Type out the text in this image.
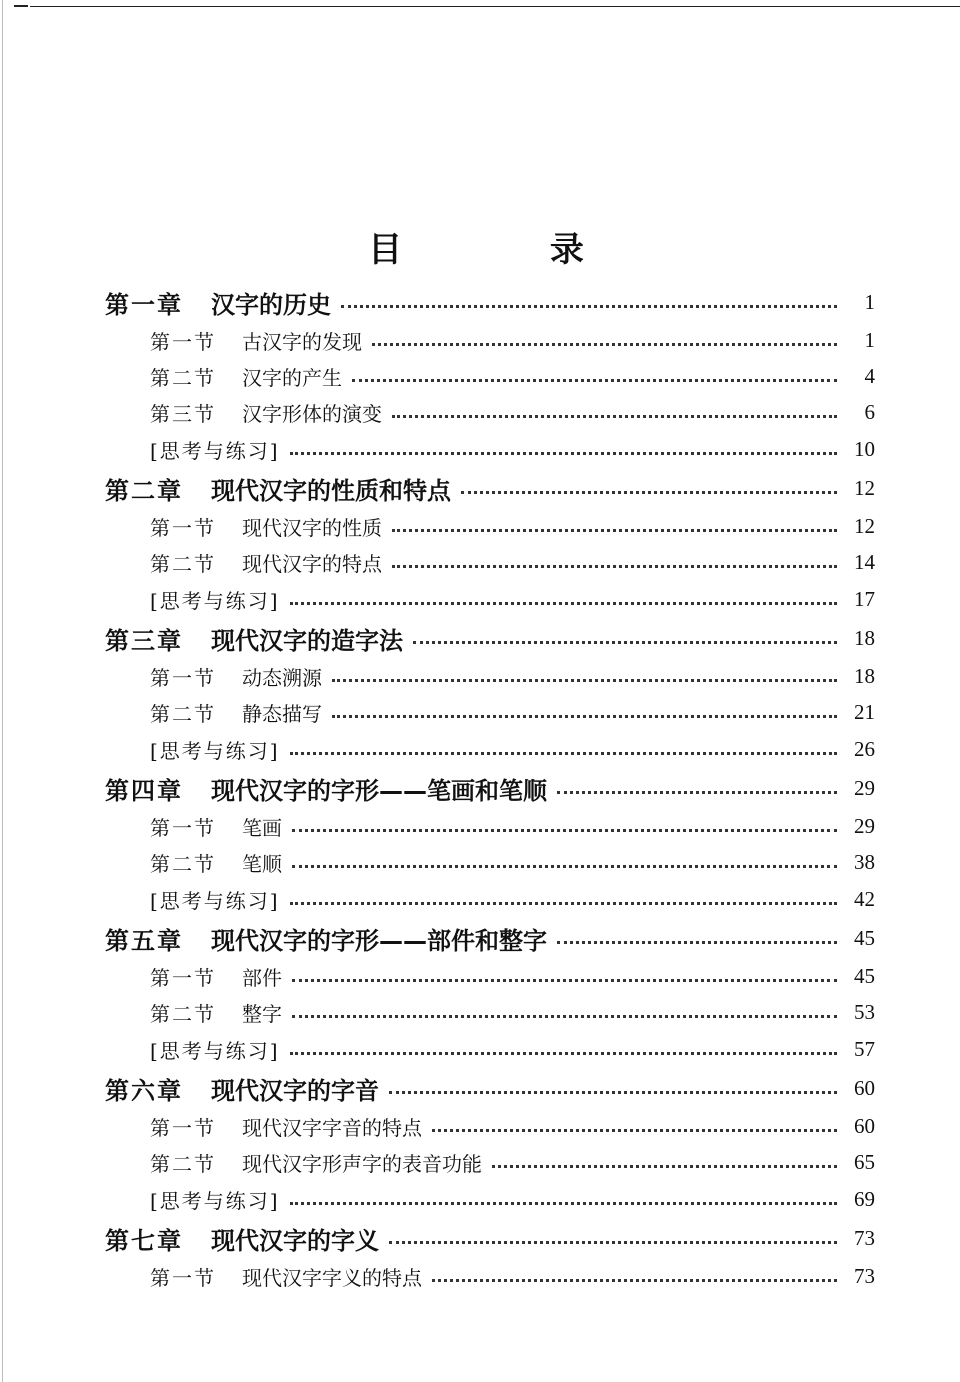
目 录
第一章 汉字的历史	1
第一节 古汉字的发现	1
第二节 汉字的产生	4
第三节 汉字形体的演变	6
[思考与练习]	10
第二章 现代汉字的性质和特点	12
第一节 现代汉字的性质	12
第二节 现代汉字的特点	14
[思考与练习]	17
第三章 现代汉字的造字法	18
第一节 动态溯源	18
第二节 静态描写	21
[思考与练习]	26
第四章 现代汉字的字形——笔画和笔顺	29
第一节 笔画	29
第二节 笔顺	38
[思考与练习]	42
第五章 现代汉字的字形——部件和整字	45
第一节 部件	45
第二节 整字	53
[思考与练习]	57
第六章 现代汉字的字音	60
第一节 现代汉字字音的特点	60
第二节 现代汉字形声字的表音功能	65
[思考与练习]	69
第七章 现代汉字的字义	73
第一节 现代汉字字义的特点	73
